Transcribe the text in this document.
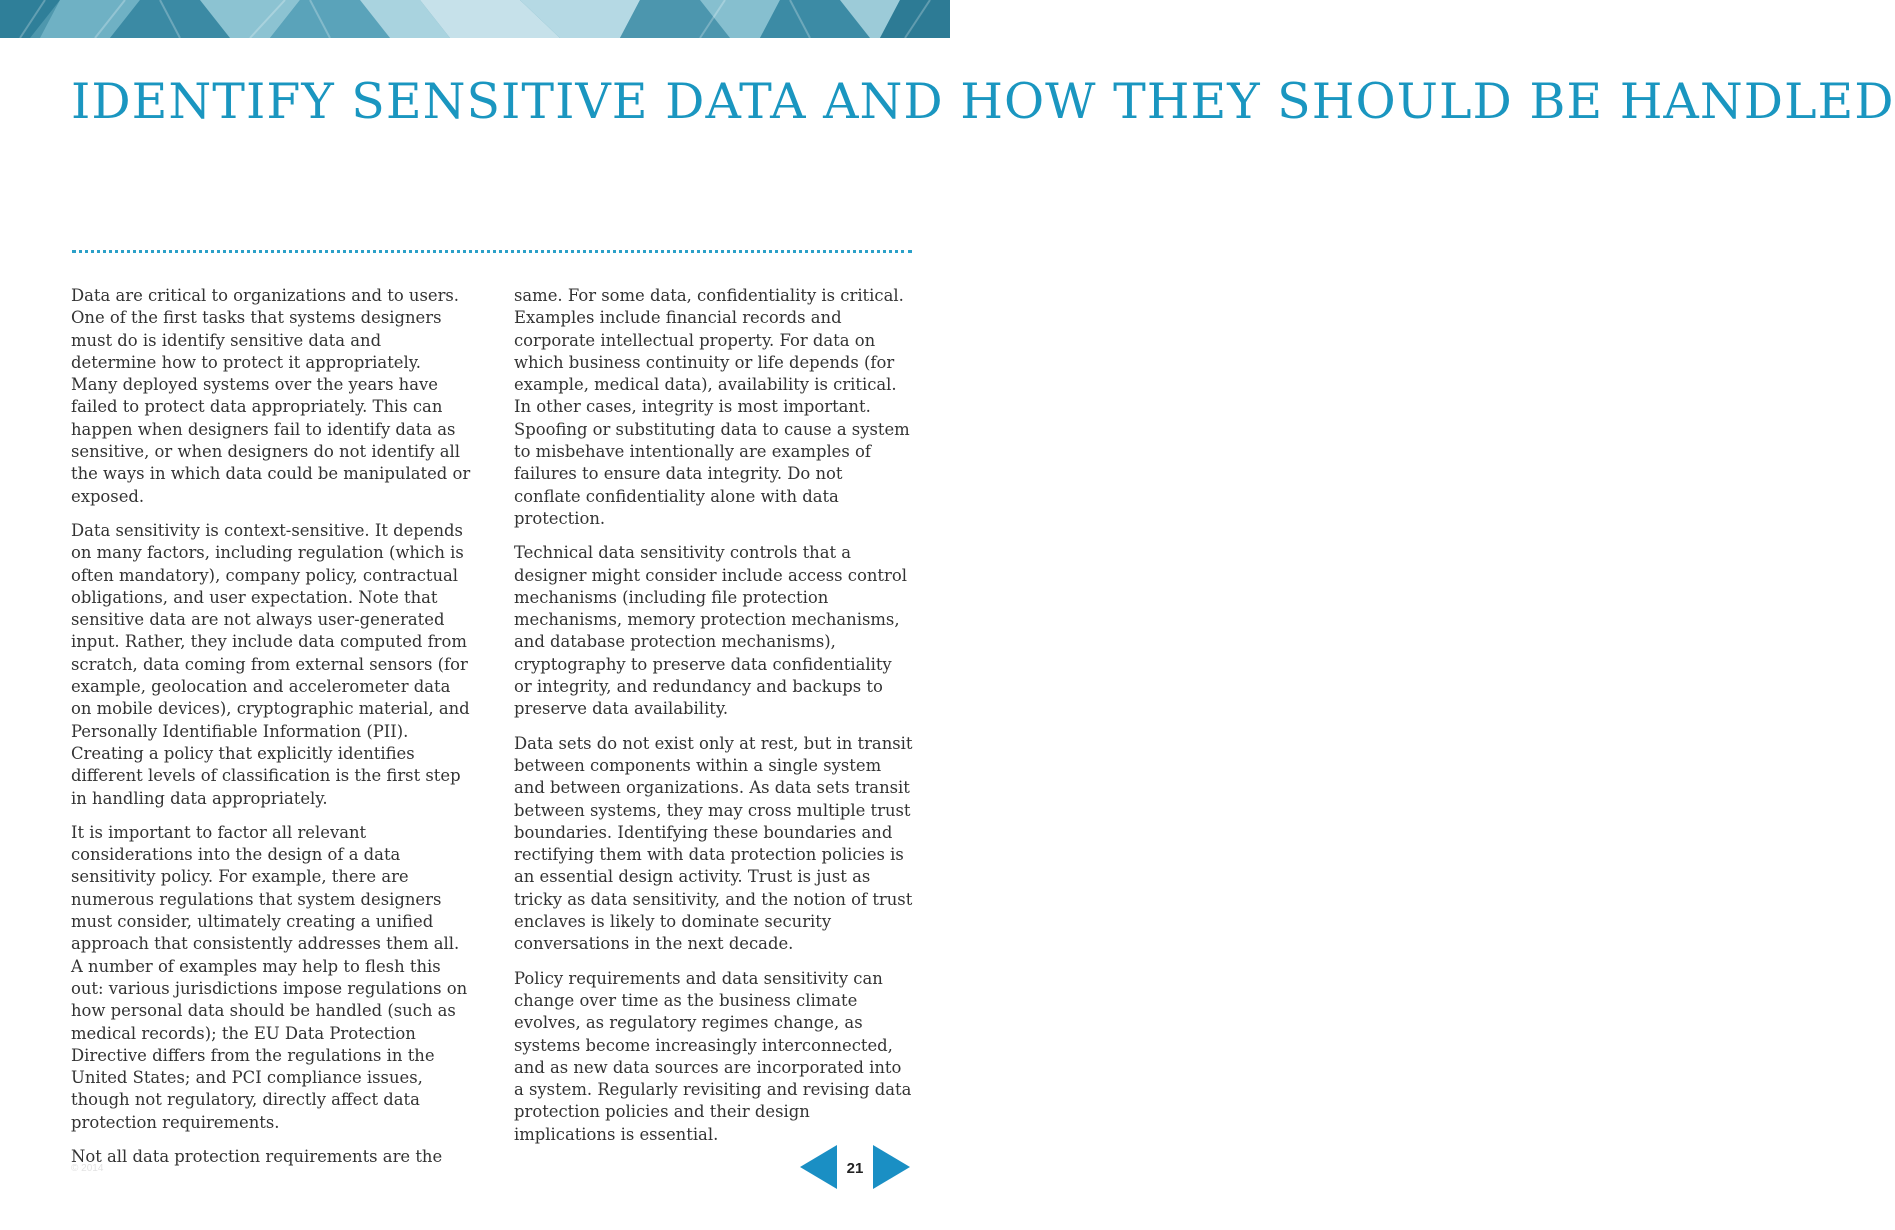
IDENTIFY SENSITIVE DATA AND HOW THEY SHOULD BE HANDLED

Data are critical to organizations and to users. One of the first tasks that systems designers must do is identify sensitive data and determine how to protect it appropriately. Many deployed systems over the years have failed to protect data appropriately. This can happen when designers fail to identify data as sensitive, or when designers do not identify all the ways in which data could be manipulated or exposed.

Data sensitivity is context-sensitive. It depends on many factors, including regulation (which is often mandatory), company policy, contractual obligations, and user expectation. Note that sensitive data are not always user-generated input. Rather, they include data computed from scratch, data coming from external sensors (for example, geolocation and accelerometer data on mobile devices), cryptographic material, and Personally Identifiable Information (PII). Creating a policy that explicitly identifies different levels of classification is the first step in handling data appropriately.

It is important to factor all relevant considerations into the design of a data sensitivity policy. For example, there are numerous regulations that system designers must consider, ultimately creating a unified approach that consistently addresses them all. A number of examples may help to flesh this out: various jurisdictions impose regulations on how personal data should be handled (such as medical records); the EU Data Protection Directive differs from the regulations in the United States; and PCI compliance issues, though not regulatory, directly affect data protection requirements.

Not all data protection requirements are the

same. For some data, confidentiality is critical. Examples include financial records and corporate intellectual property. For data on which business continuity or life depends (for example, medical data), availability is critical. In other cases, integrity is most important. Spoofing or substituting data to cause a system to misbehave intentionally are examples of failures to ensure data integrity. Do not conflate confidentiality alone with data protection.

Technical data sensitivity controls that a designer might consider include access control mechanisms (including file protection mechanisms, memory protection mechanisms, and database protection mechanisms), cryptography to preserve data confidentiality or integrity, and redundancy and backups to preserve data availability.

Data sets do not exist only at rest, but in transit between components within a single system and between organizations. As data sets transit between systems, they may cross multiple trust boundaries. Identifying these boundaries and rectifying them with data protection policies is an essential design activity. Trust is just as tricky as data sensitivity, and the notion of trust enclaves is likely to dominate security conversations in the next decade.

Policy requirements and data sensitivity can change over time as the business climate evolves, as regulatory regimes change, as systems become increasingly interconnected, and as new data sources are incorporated into a system. Regularly revisiting and revising data protection policies and their design implications is essential.

© 2014	21
